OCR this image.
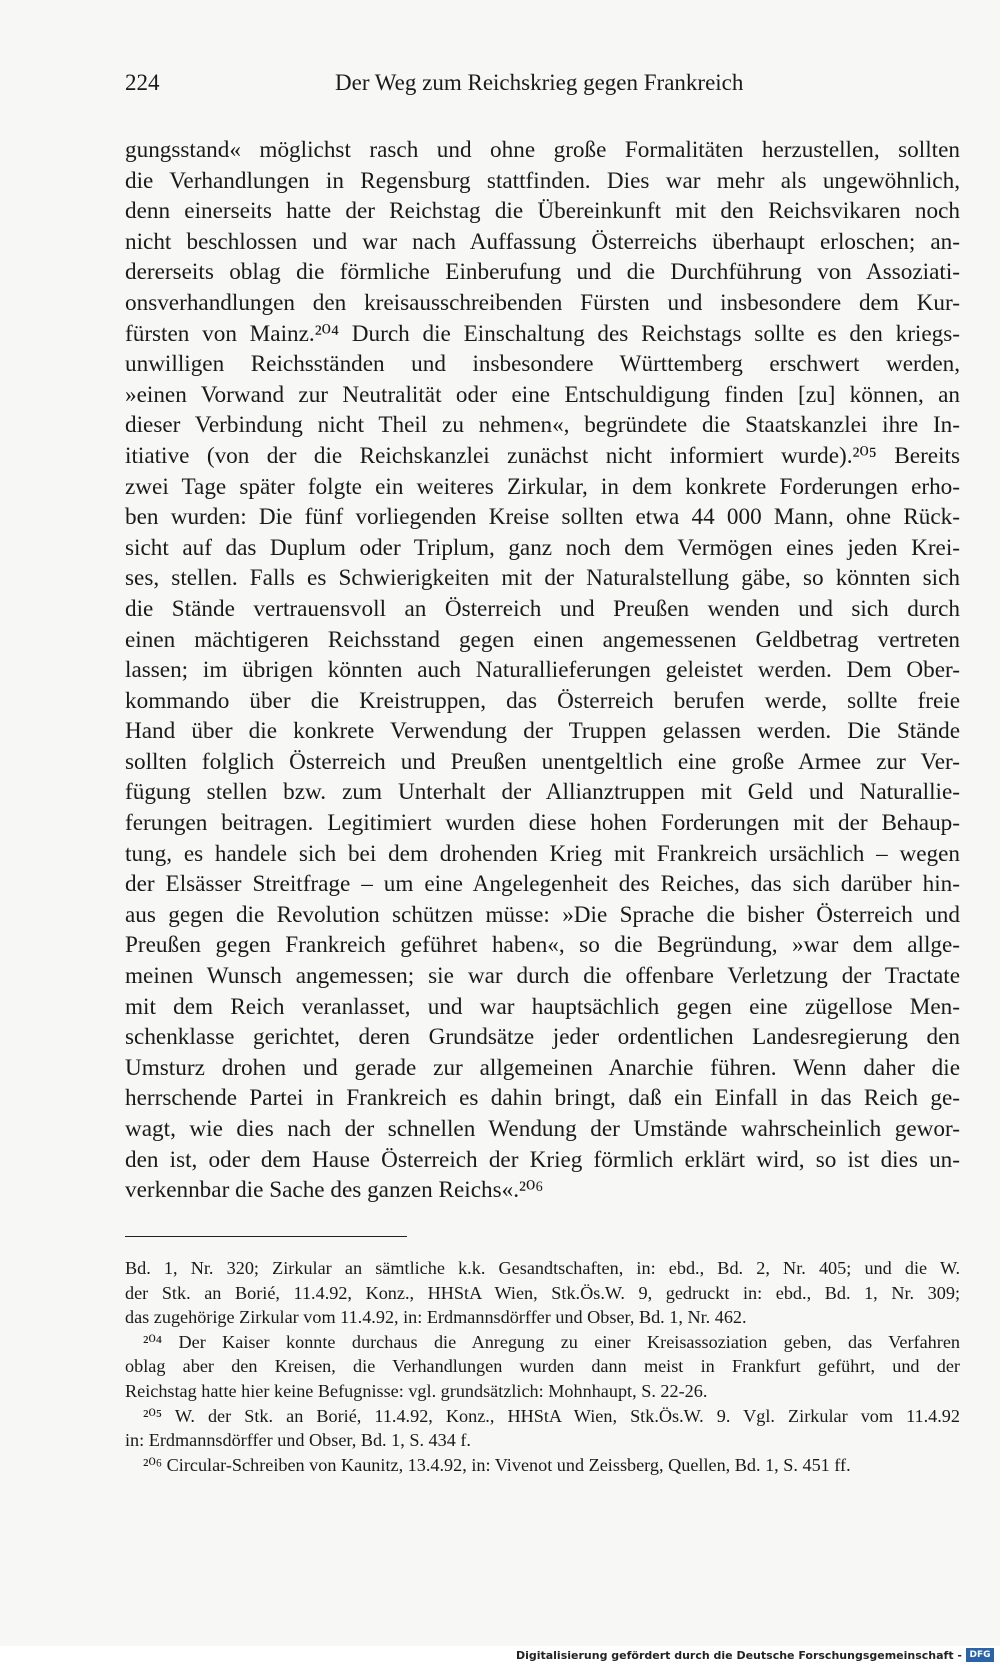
224	Der Weg zum Reichskrieg gegen Frankreich
gungsstand« möglichst rasch und ohne große Formalitäten herzustellen, sollten
die Verhandlungen in Regensburg stattfinden. Dies war mehr als ungewöhnlich,
denn einerseits hatte der Reichstag die Übereinkunft mit den Reichsvikaren noch
nicht beschlossen und war nach Auffassung Österreichs überhaupt erloschen; an-
dererseits oblag die förmliche Einberufung und die Durchführung von Assoziati-
onsverhandlungen den kreisausschreibenden Fürsten und insbesondere dem Kur-
fürsten von Mainz.²⁰⁴ Durch die Einschaltung des Reichstags sollte es den kriegs-
unwilligen Reichsständen und insbesondere Württemberg erschwert werden,
»einen Vorwand zur Neutralität oder eine Entschuldigung finden [zu] können, an
dieser Verbindung nicht Theil zu nehmen«, begründete die Staatskanzlei ihre In-
itiative (von der die Reichskanzlei zunächst nicht informiert wurde).²⁰⁵ Bereits
zwei Tage später folgte ein weiteres Zirkular, in dem konkrete Forderungen erho-
ben wurden: Die fünf vorliegenden Kreise sollten etwa 44 000 Mann, ohne Rück-
sicht auf das Duplum oder Triplum, ganz noch dem Vermögen eines jeden Krei-
ses, stellen. Falls es Schwierigkeiten mit der Naturalstellung gäbe, so könnten sich
die Stände vertrauensvoll an Österreich und Preußen wenden und sich durch
einen mächtigeren Reichsstand gegen einen angemessenen Geldbetrag vertreten
lassen; im übrigen könnten auch Naturallieferungen geleistet werden. Dem Ober-
kommando über die Kreistruppen, das Österreich berufen werde, sollte freie
Hand über die konkrete Verwendung der Truppen gelassen werden. Die Stände
sollten folglich Österreich und Preußen unentgeltlich eine große Armee zur Ver-
fügung stellen bzw. zum Unterhalt der Allianztruppen mit Geld und Naturallie-
ferungen beitragen. Legitimiert wurden diese hohen Forderungen mit der Behaup-
tung, es handele sich bei dem drohenden Krieg mit Frankreich ursächlich – wegen
der Elsässer Streitfrage – um eine Angelegenheit des Reiches, das sich darüber hin-
aus gegen die Revolution schützen müsse: »Die Sprache die bisher Österreich und
Preußen gegen Frankreich geführet haben«, so die Begründung, »war dem allge-
meinen Wunsch angemessen; sie war durch die offenbare Verletzung der Tractate
mit dem Reich veranlasset, und war hauptsächlich gegen eine zügellose Men-
schenklasse gerichtet, deren Grundsätze jeder ordentlichen Landesregierung den
Umsturz drohen und gerade zur allgemeinen Anarchie führen. Wenn daher die
herrschende Partei in Frankreich es dahin bringt, daß ein Einfall in das Reich ge-
wagt, wie dies nach der schnellen Wendung der Umstände wahrscheinlich gewor-
den ist, oder dem Hause Österreich der Krieg förmlich erklärt wird, so ist dies un-
verkennbar die Sache des ganzen Reichs«.²⁰⁶
Bd. 1, Nr. 320; Zirkular an sämtliche k.k. Gesandtschaften, in: ebd., Bd. 2, Nr. 405; und die W.
der Stk. an Borié, 11.4.92, Konz., HHStA Wien, Stk.Ös.W. 9, gedruckt in: ebd., Bd. 1, Nr. 309;
das zugehörige Zirkular vom 11.4.92, in: Erdmannsdörffer und Obser, Bd. 1, Nr. 462.
²⁰⁴ Der Kaiser konnte durchaus die Anregung zu einer Kreisassoziation geben, das Verfahren
oblag aber den Kreisen, die Verhandlungen wurden dann meist in Frankfurt geführt, und der
Reichstag hatte hier keine Befugnisse: vgl. grundsätzlich: Mohnhaupt, S. 22-26.
²⁰⁵ W. der Stk. an Borié, 11.4.92, Konz., HHStA Wien, Stk.Ös.W. 9. Vgl. Zirkular vom 11.4.92
in: Erdmannsdörffer und Obser, Bd. 1, S. 434 f.
²⁰⁶ Circular-Schreiben von Kaunitz, 13.4.92, in: Vivenot und Zeissberg, Quellen, Bd. 1, S. 451 ff.
Digitalisierung gefördert durch die Deutsche Forschungsgemeinschaft - DFG
